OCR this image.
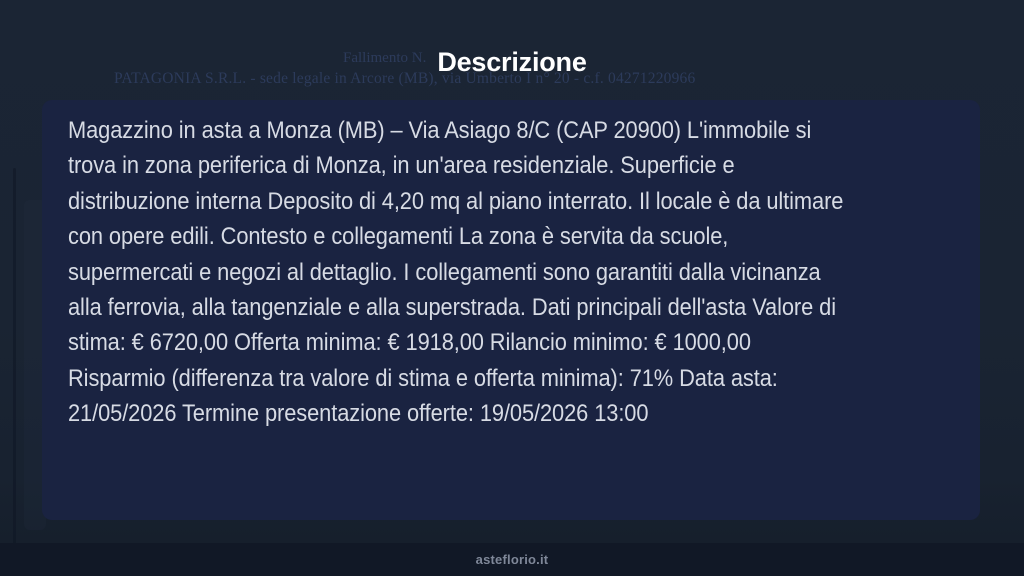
Fallimento N.
PATAGONIA S.R.L. - sede legale in Arcore (MB), via Umberto I n° 20 - c.f. 04271220966
Descrizione
Magazzino in asta a Monza (MB) – Via Asiago 8/C (CAP 20900) L'immobile si
trova in zona periferica di Monza, in un'area residenziale. Superficie e
distribuzione interna Deposito di 4,20 mq al piano interrato. Il locale è da ultimare
con opere edili. Contesto e collegamenti La zona è servita da scuole,
supermercati e negozi al dettaglio. I collegamenti sono garantiti dalla vicinanza
alla ferrovia, alla tangenziale e alla superstrada. Dati principali dell'asta Valore di
stima: € 6720,00 Offerta minima: € 1918,00 Rilancio minimo: € 1000,00
Risparmio (differenza tra valore di stima e offerta minima): 71% Data asta:
21/05/2026 Termine presentazione offerte: 19/05/2026 13:00
asteflorio.it
